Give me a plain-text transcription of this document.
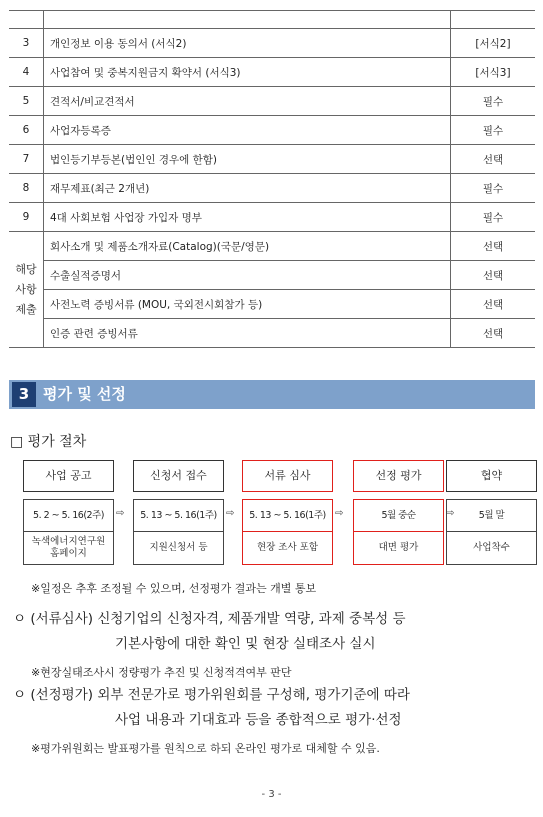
3	개인정보 이용 동의서 (서식2)	[서식2]
4	사업참여 및 중복지원금지 확약서 (서식3)	[서식3]
5	견적서/비교견적서	필수
6	사업자등록증	필수
7	법인등기부등본(법인인 경우에 한함)	선택
8	재무제표(최근 2개년)	필수
9	4대 사회보험 사업장 가입자 명부	필수

해당
사항
제출	회사소개 및 제품소개자료(Catalog)(국문/영문)	선택
	수출실적증명서	선택
	사전노력 증빙서류 (MOU, 국외전시회참가 등)	선택
	인증 관련 증빙서류	선택
3 평가 및 선정
□ 평가 절차
사업 공고
5. 2 ~ 5. 16(2주)
녹색에너지연구원
홈페이지
⇨
신청서 접수
5. 13 ~ 5. 16(1주)
지원신청서 등
⇨
서류 심사
5. 13 ~ 5. 16(1주)
현장 조사 포함
⇨
선정 평가
5월 중순
대면 평가
⇨
협약
5월 말
사업착수
※일정은 추후 조정될 수 있으며, 선정평가 결과는 개별 통보
ㅇ (서류심사) 신청기업의 신청자격, 제품개발 역량, 과제 중복성 등
기본사항에 대한 확인 및 현장 실태조사 실시
※현장실태조사시 정량평가 추진 및 신청적격여부 판단
ㅇ (선정평가) 외부 전문가로 평가위원회를 구성해, 평가기준에 따라
사업 내용과 기대효과 등을 종합적으로 평가·선정
※평가위원회는 발표평가를 원칙으로 하되 온라인 평가로 대체할 수 있음.
- 3 -
